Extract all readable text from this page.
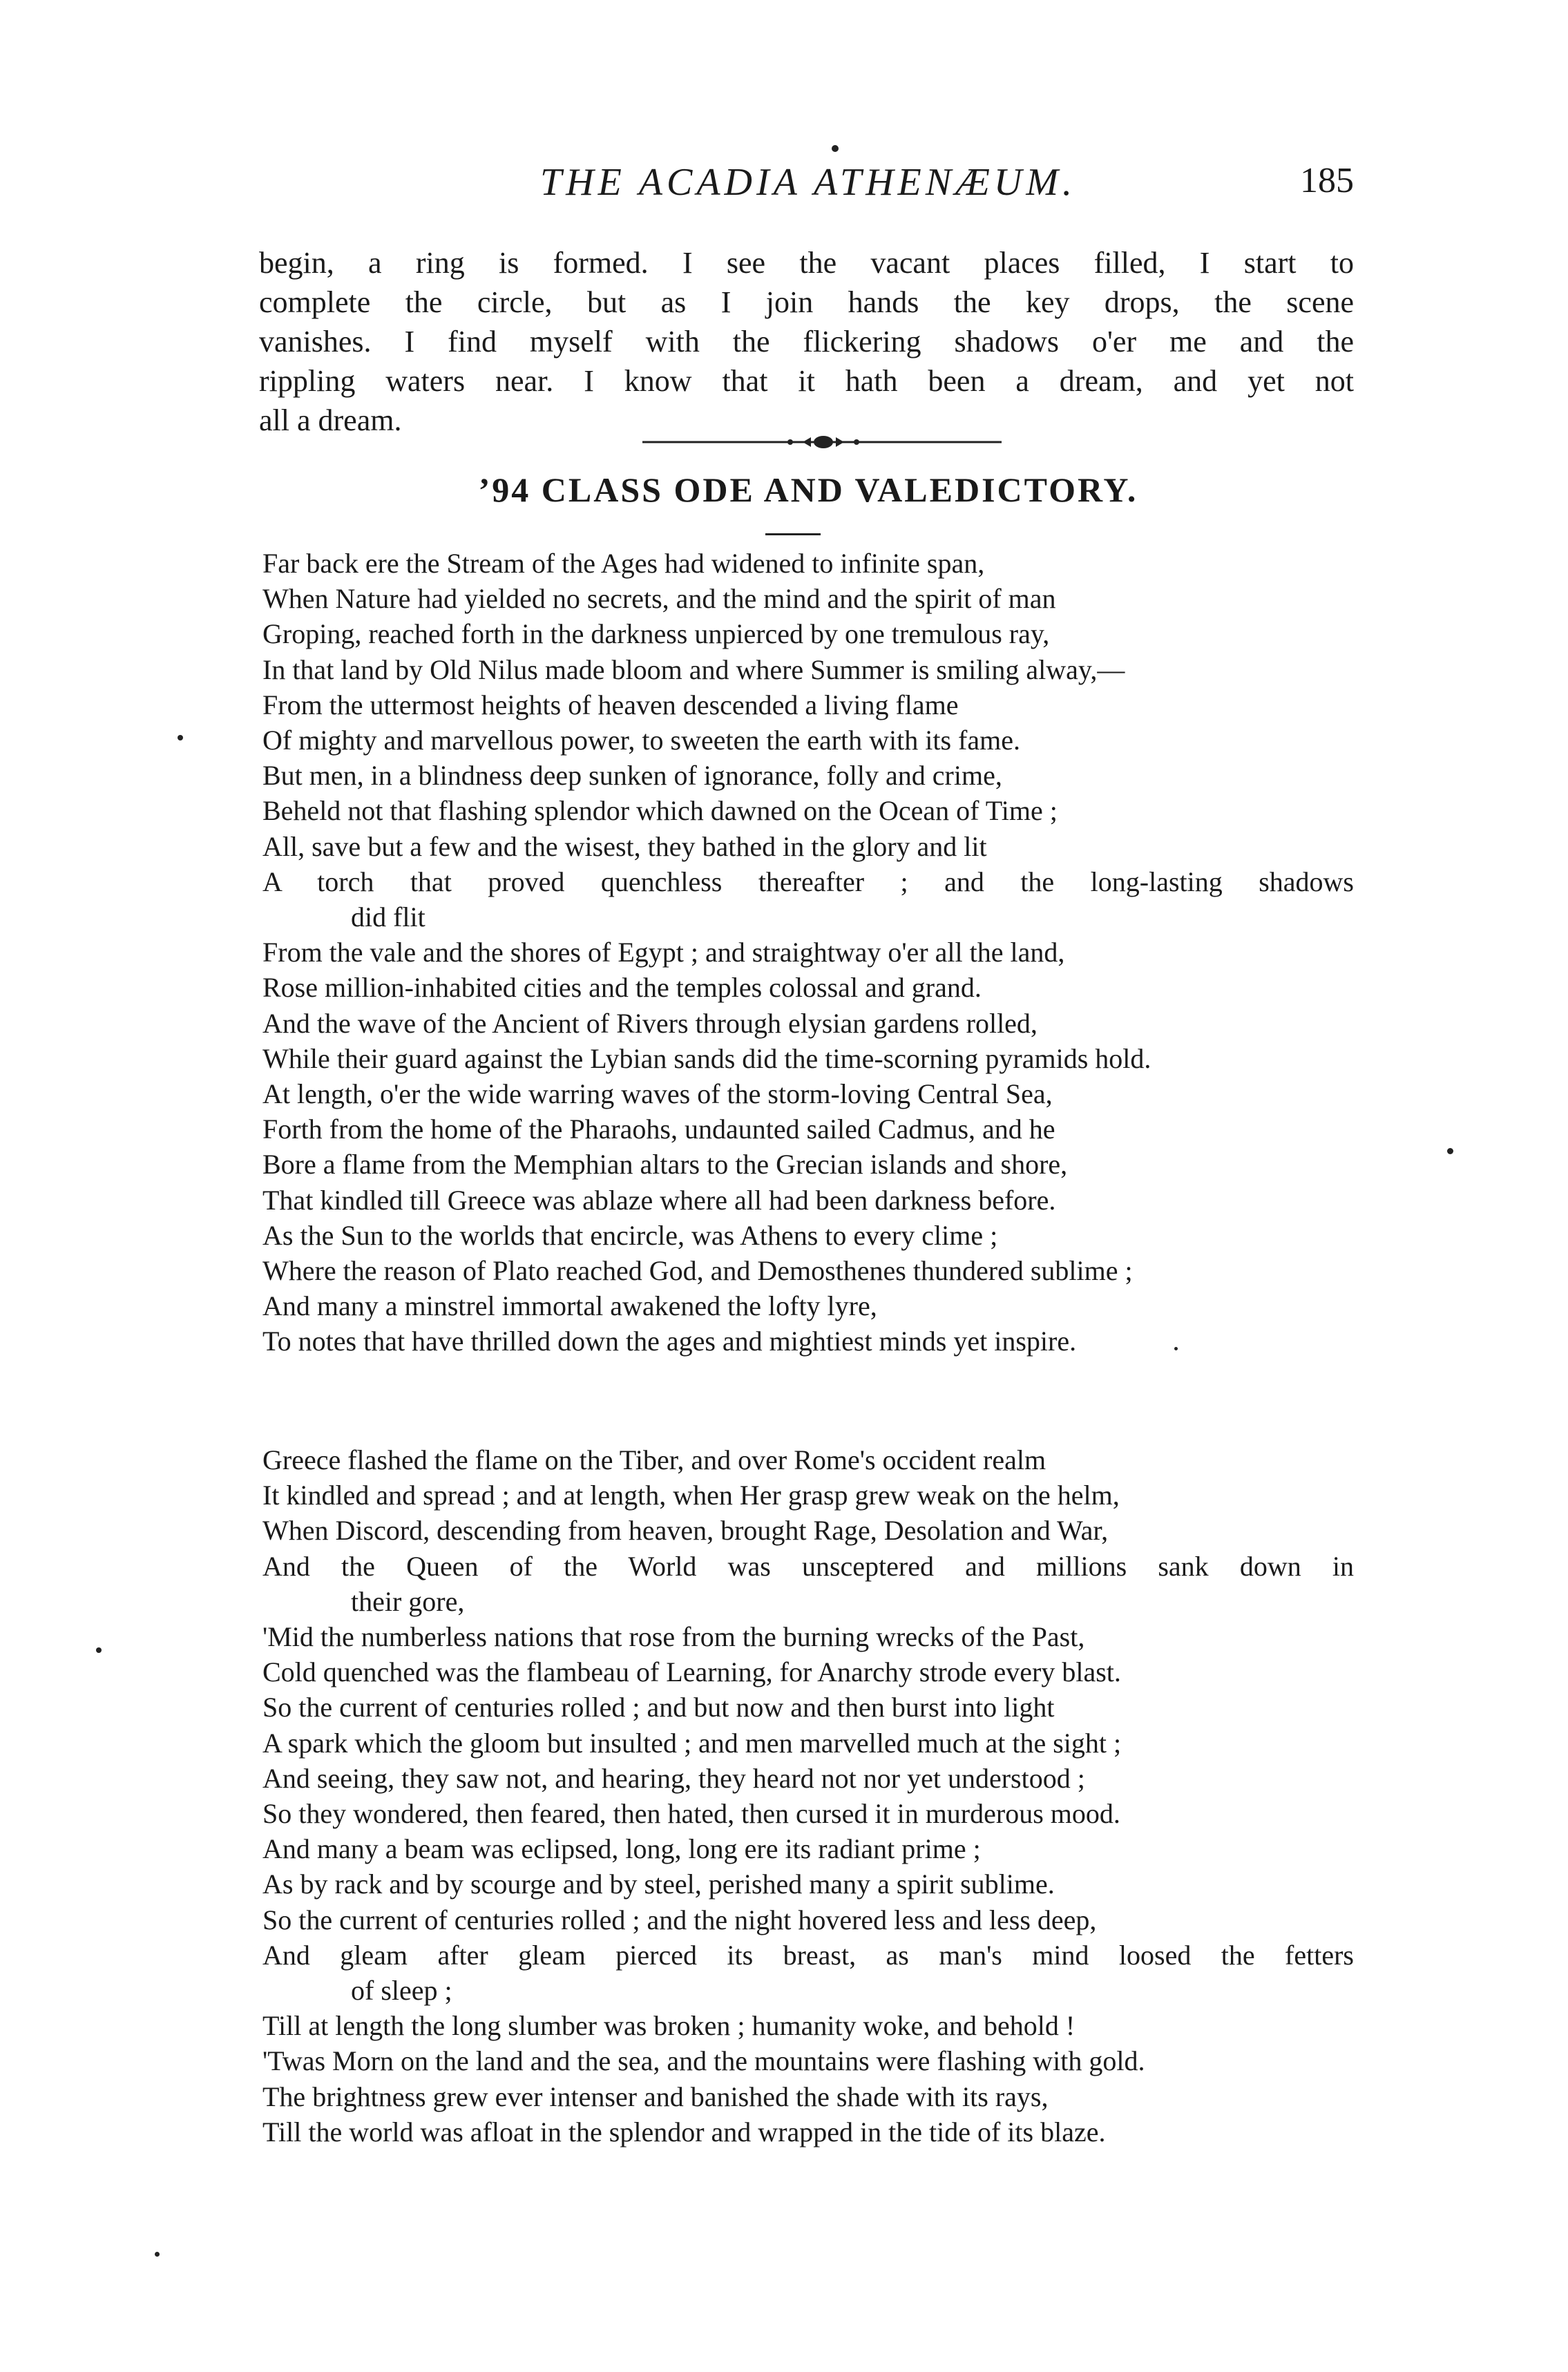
THE ACADIA ATHENÆUM.	185
begin, a ring is formed. I see the vacant places filled, I start to
complete the circle, but as I join hands the key drops, the scene
vanishes. I find myself with the flickering shadows o'er me and the
rippling waters near. I know that it hath been a dream, and yet not
all a dream.
’94 CLASS ODE AND VALEDICTORY.
Far back ere the Stream of the Ages had widened to infinite span,
When Nature had yielded no secrets, and the mind and the spirit of man
Groping, reached forth in the darkness unpierced by one tremulous ray,
In that land by Old Nilus made bloom and where Summer is smiling alway,—
From the uttermost heights of heaven descended a living flame
Of mighty and marvellous power, to sweeten the earth with its fame.
But men, in a blindness deep sunken of ignorance, folly and crime,
Beheld not that flashing splendor which dawned on the Ocean of Time ;
All, save but a few and the wisest, they bathed in the glory and lit
A torch that proved quenchless thereafter ; and the long-lasting shadows
did flit
From the vale and the shores of Egypt ; and straightway o'er all the land,
Rose million-inhabited cities and the temples colossal and grand.
And the wave of the Ancient of Rivers through elysian gardens rolled,
While their guard against the Lybian sands did the time-scorning pyramids hold.
At length, o'er the wide warring waves of the storm-loving Central Sea,
Forth from the home of the Pharaohs, undaunted sailed Cadmus, and he
Bore a flame from the Memphian altars to the Grecian islands and shore,
That kindled till Greece was ablaze where all had been darkness before.
As the Sun to the worlds that encircle, was Athens to every clime ;
Where the reason of Plato reached God, and Demosthenes thundered sublime ;
And many a minstrel immortal awakened the lofty lyre,
To notes that have thrilled down the ages and mightiest minds yet inspire.
Greece flashed the flame on the Tiber, and over Rome's occident realm
It kindled and spread ; and at length, when Her grasp grew weak on the helm,
When Discord, descending from heaven, brought Rage, Desolation and War,
And the Queen of the World was unsceptered and millions sank down in
their gore,
'Mid the numberless nations that rose from the burning wrecks of the Past,
Cold quenched was the flambeau of Learning, for Anarchy strode every blast.
So the current of centuries rolled ; and but now and then burst into light
A spark which the gloom but insulted ; and men marvelled much at the sight ;
And seeing, they saw not, and hearing, they heard not nor yet understood ;
So they wondered, then feared, then hated, then cursed it in murderous mood.
And many a beam was eclipsed, long, long ere its radiant prime ;
As by rack and by scourge and by steel, perished many a spirit sublime.
So the current of centuries rolled ; and the night hovered less and less deep,
And gleam after gleam pierced its breast, as man's mind loosed the fetters
of sleep ;
Till at length the long slumber was broken ; humanity woke, and behold !
'Twas Morn on the land and the sea, and the mountains were flashing with gold.
The brightness grew ever intenser and banished the shade with its rays,
Till the world was afloat in the splendor and wrapped in the tide of its blaze.
